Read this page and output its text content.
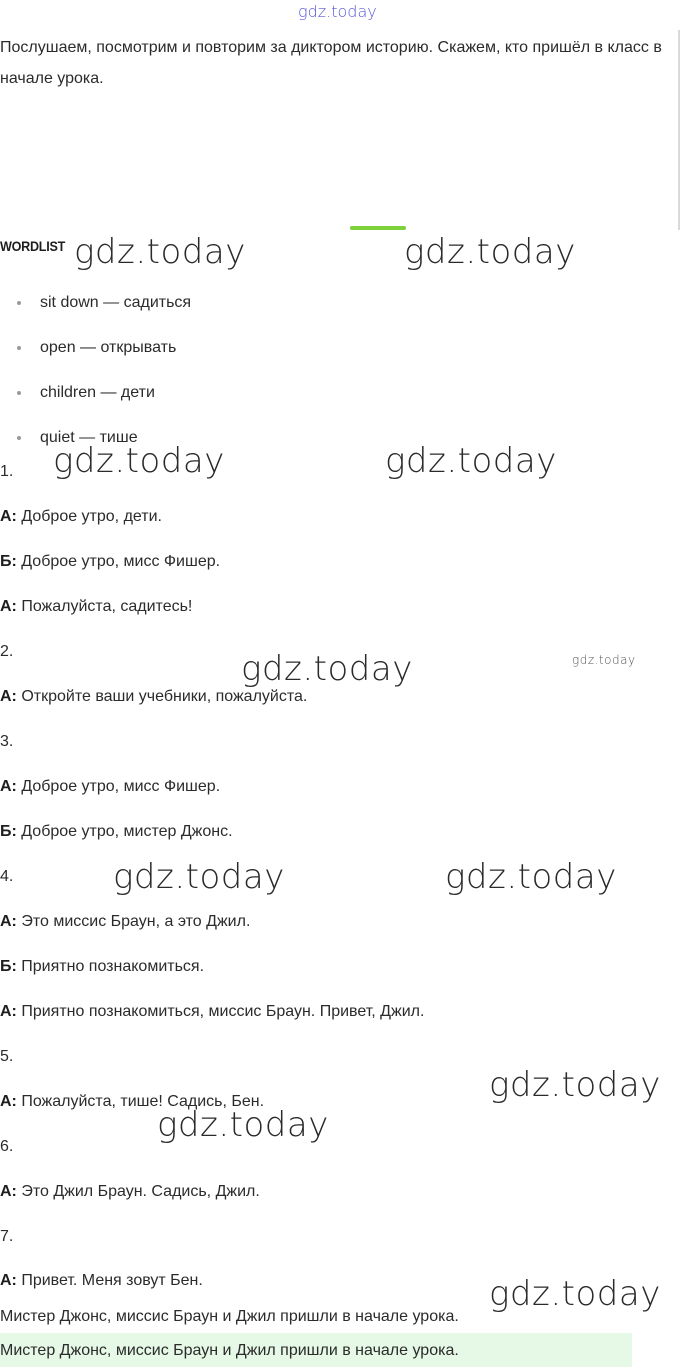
gdz.today

Послушаем, посмотрим и повторим за диктором историю. Скажем, кто пришёл в класс в начале урока.

WORDLIST
sit down — садиться
open — открывать
children — дети
quiet — тише
1.
А: Доброе утро, дети.
Б: Доброе утро, мисс Фишер.
А: Пожалуйста, садитесь!
2.
А: Откройте ваши учебники, пожалуйста.
3.
А: Доброе утро, мисс Фишер.
Б: Доброе утро, мистер Джонс.
4.
А: Это миссис Браун, а это Джил.
Б: Приятно познакомиться.
А: Приятно познакомиться, миссис Браун. Привет, Джил.
5.
А: Пожалуйста, тише! Садись, Бен.
6.
А: Это Джил Браун. Садись, Джил.
7.
А: Привет. Меня зовут Бен.
Мистер Джонс, миссис Браун и Джил пришли в начале урока.
Мистер Джонс, миссис Браун и Джил пришли в начале урока.
gdz.today	gdz.today
gdz.today	gdz.today
gdz.today	gdz.today
gdz.today	gdz.today
gdz.today
gdz.today
gdz.today
